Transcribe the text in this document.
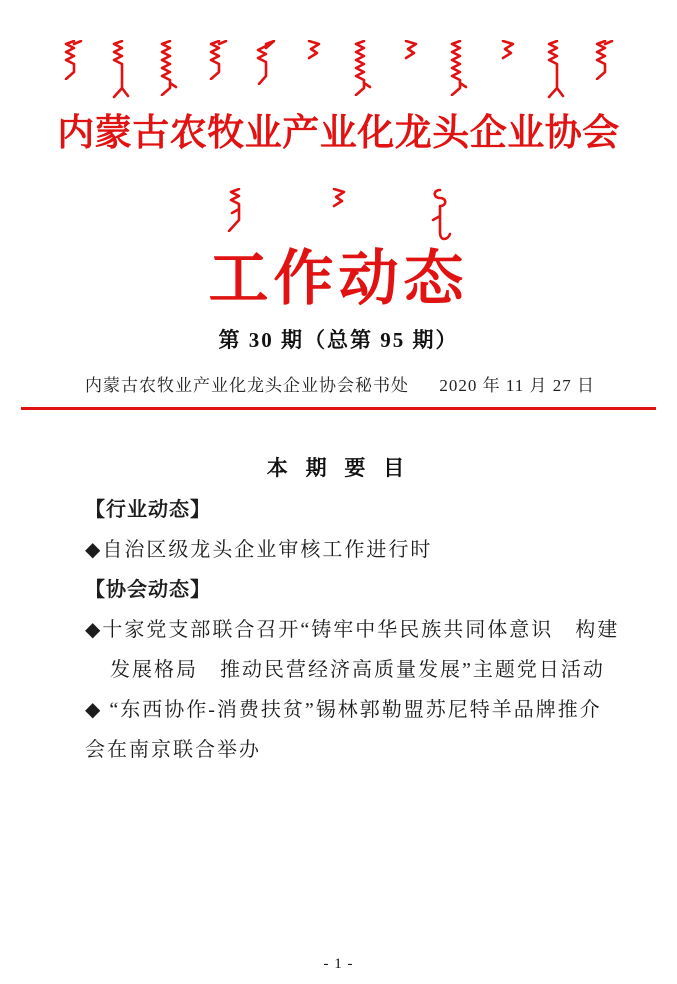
内蒙古农牧业产业化龙头企业协会
工作动态
第 30 期（总第 95 期）
内蒙古农牧业产业化龙头企业协会秘书处 2020 年 11 月 27 日
本 期 要 目
【行业动态】
◆自治区级龙头企业审核工作进行时
【协会动态】
◆十家党支部联合召开“铸牢中华民族共同体意识　构建
发展格局　推动民营经济高质量发展”主题党日活动
◆ “东西协作-消费扶贫”锡林郭勒盟苏尼特羊品牌推介
会在南京联合举办
- 1 -
